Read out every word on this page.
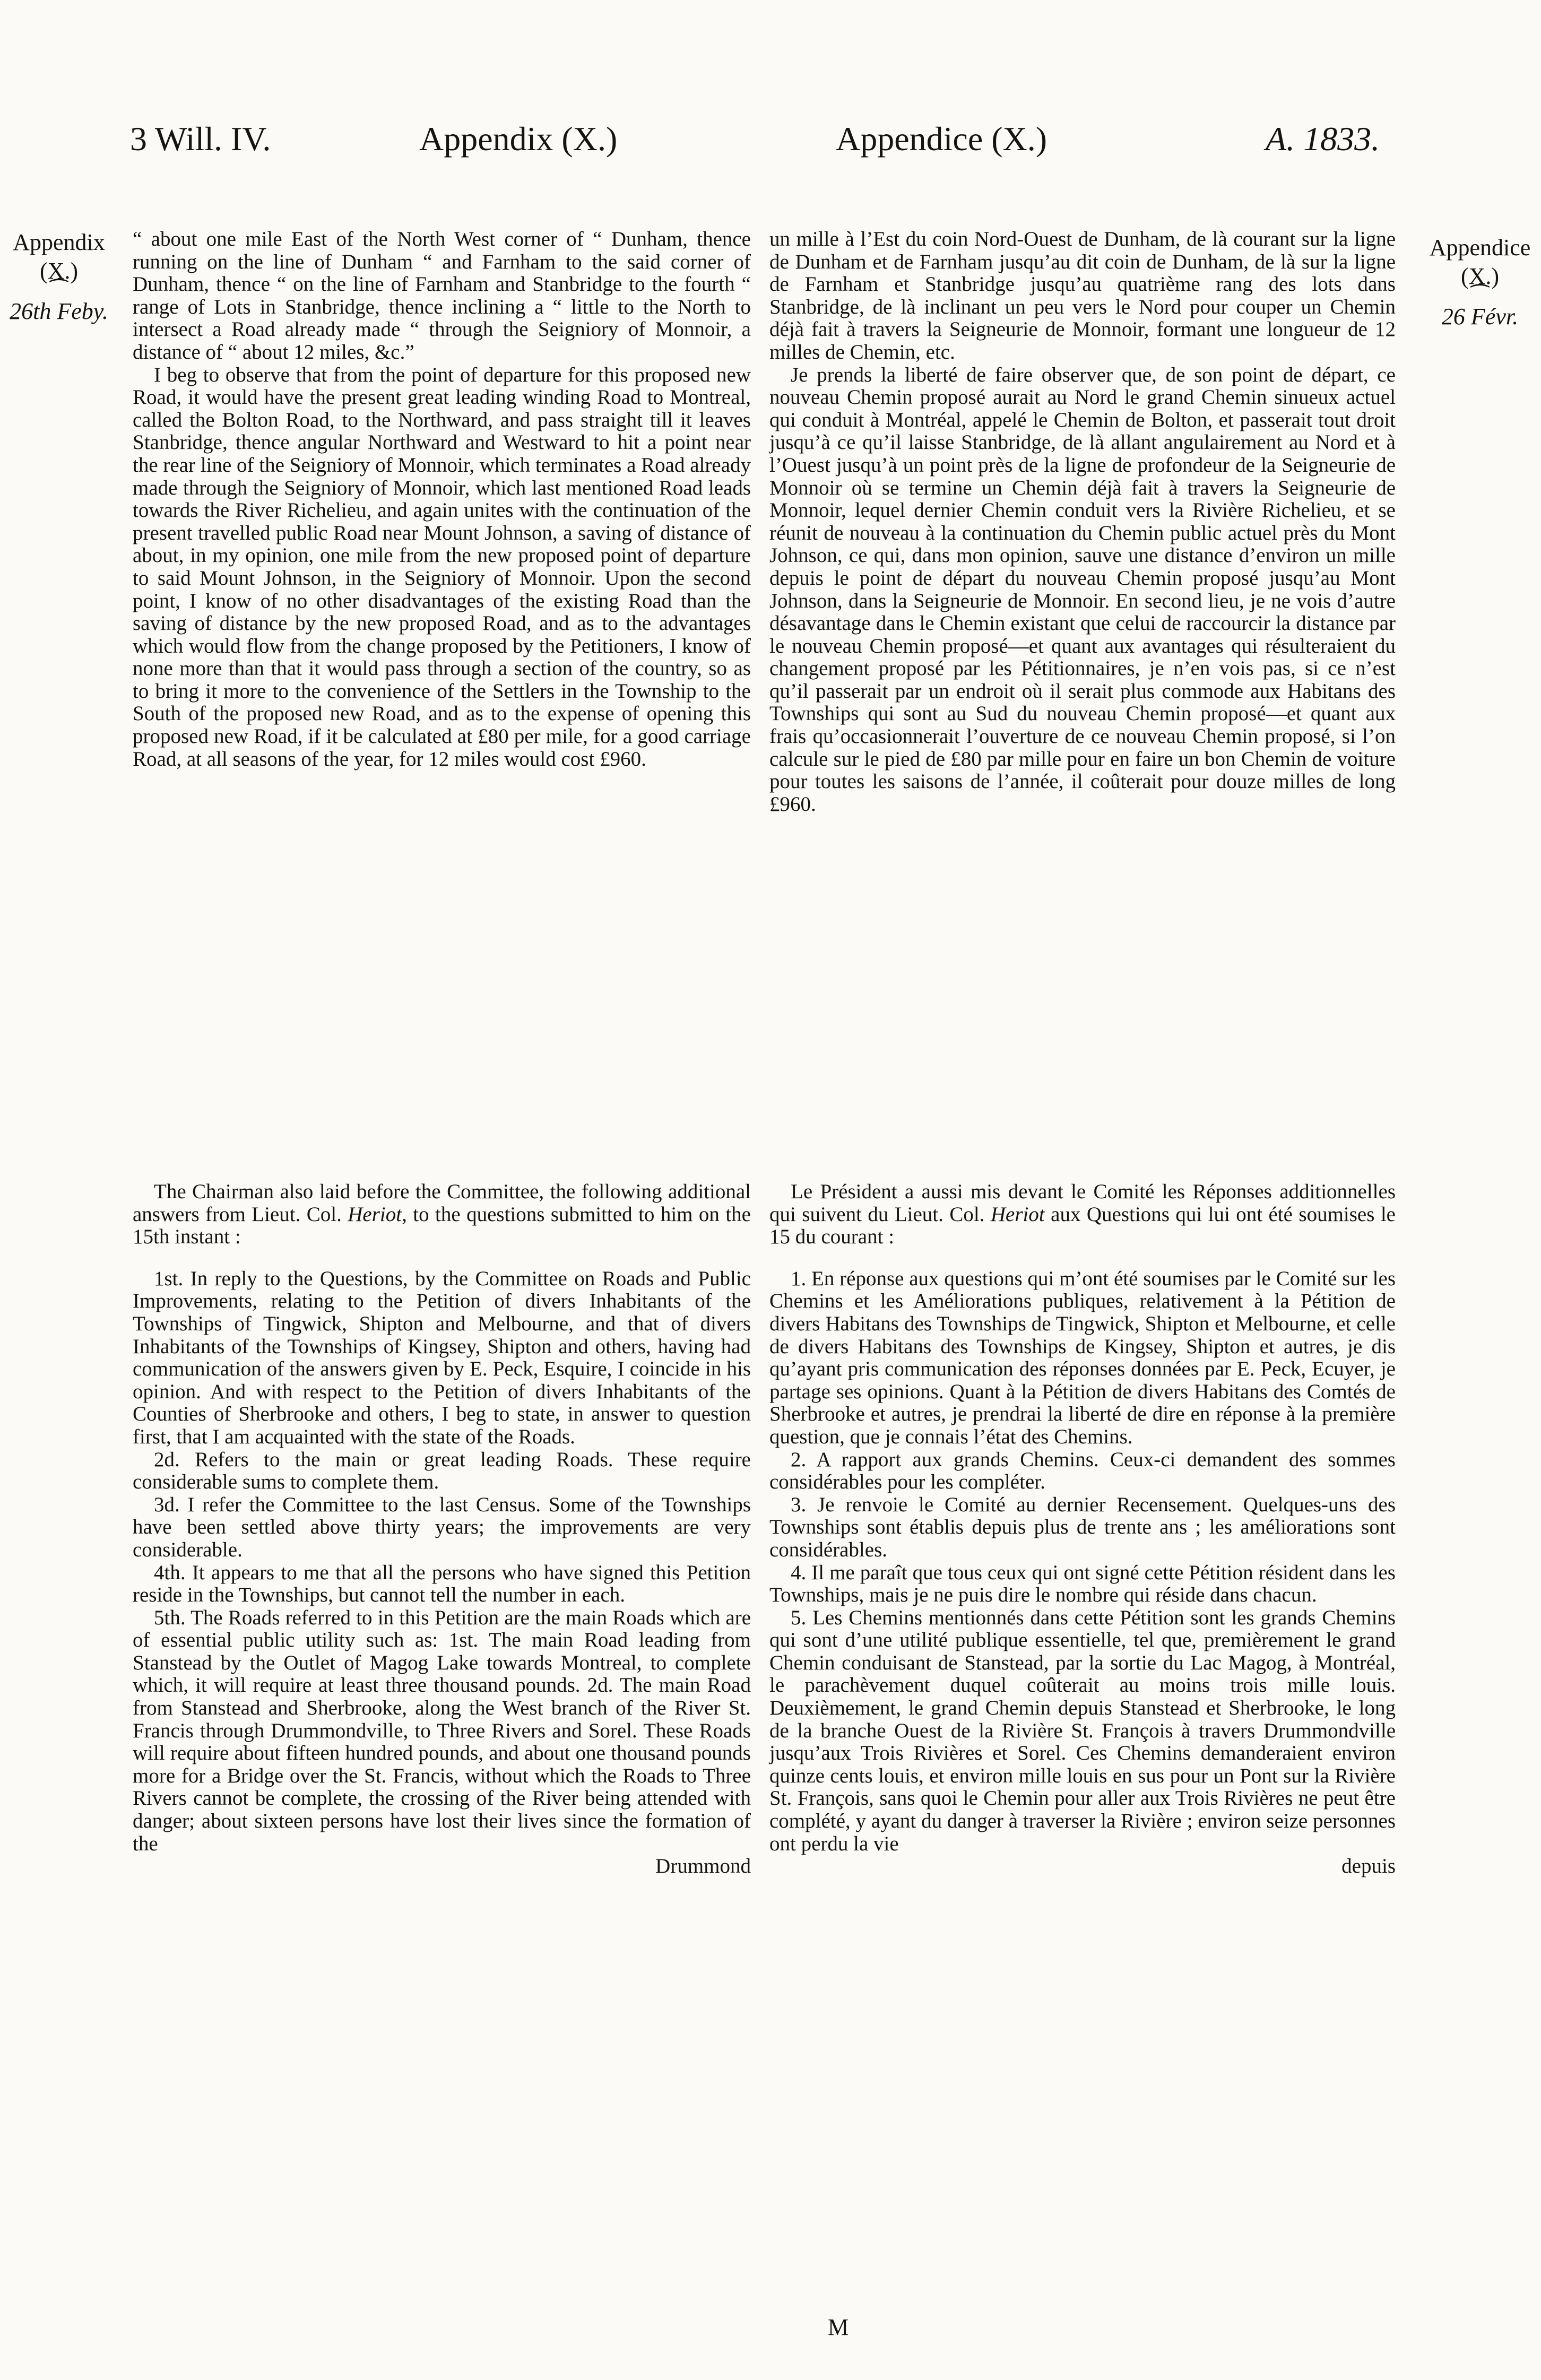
3 Will. IV.	Appendix (X.)	Appendice (X.)	A. 1833.
Appendix
(X.)
⁀
26th Feby.
Appendice
(X.)
⁀
26 Févr.

“ about one mile East of the North West corner of “ Dunham, thence running on the line of Dunham “ and Farnham to the said corner of Dunham, thence “ on the line of Farnham and Stanbridge to the fourth “ range of Lots in Stanbridge, thence inclining a “ little to the North to intersect a Road already made “ through the Seigniory of Monnoir, a distance of “ about 12 miles, &c.”

I beg to observe that from the point of departure for this proposed new Road, it would have the present great leading winding Road to Montreal, called the Bolton Road, to the Northward, and pass straight till it leaves Stanbridge, thence angular Northward and Westward to hit a point near the rear line of the Seigniory of Monnoir, which terminates a Road already made through the Seigniory of Monnoir, which last mentioned Road leads towards the River Richelieu, and again unites with the continuation of the present travelled public Road near Mount Johnson, a saving of distance of about, in my opinion, one mile from the new proposed point of departure to said Mount Johnson, in the Seigniory of Monnoir. Upon the second point, I know of no other disadvantages of the existing Road than the saving of distance by the new proposed Road, and as to the advantages which would flow from the change proposed by the Petitioners, I know of none more than that it would pass through a section of the country, so as to bring it more to the convenience of the Settlers in the Township to the South of the proposed new Road, and as to the expense of opening this proposed new Road, if it be calculated at £80 per mile, for a good carriage Road, at all seasons of the year, for 12 miles would cost £960.

un mille à l’Est du coin Nord-Ouest de Dunham, de là courant sur la ligne de Dunham et de Farnham jusqu’au dit coin de Dunham, de là sur la ligne de Farnham et Stanbridge jusqu’au quatrième rang des lots dans Stanbridge, de là inclinant un peu vers le Nord pour couper un Chemin déjà fait à travers la Seigneurie de Monnoir, formant une longueur de 12 milles de Chemin, etc.

Je prends la liberté de faire observer que, de son point de départ, ce nouveau Chemin proposé aurait au Nord le grand Chemin sinueux actuel qui conduit à Montréal, appelé le Chemin de Bolton, et passerait tout droit jusqu’à ce qu’il laisse Stanbridge, de là allant angulairement au Nord et à l’Ouest jusqu’à un point près de la ligne de profondeur de la Seigneurie de Monnoir où se termine un Chemin déjà fait à travers la Seigneurie de Monnoir, lequel dernier Chemin conduit vers la Rivière Richelieu, et se réunit de nouveau à la continuation du Chemin public actuel près du Mont Johnson, ce qui, dans mon opinion, sauve une distance d’environ un mille depuis le point de départ du nouveau Chemin proposé jusqu’au Mont Johnson, dans la Seigneurie de Monnoir. En second lieu, je ne vois d’autre désavantage dans le Chemin existant que celui de raccourcir la distance par le nouveau Chemin proposé—et quant aux avantages qui résulteraient du changement proposé par les Pétitionnaires, je n’en vois pas, si ce n’est qu’il passerait par un endroit où il serait plus commode aux Habitans des Townships qui sont au Sud du nouveau Chemin proposé—et quant aux frais qu’occasionnerait l’ouverture de ce nouveau Chemin proposé, si l’on calcule sur le pied de £80 par mille pour en faire un bon Chemin de voiture pour toutes les saisons de l’année, il coûterait pour douze milles de long £960.

The Chairman also laid before the Committee, the following additional answers from Lieut. Col. Heriot, to the questions submitted to him on the 15th instant :

1st. In reply to the Questions, by the Committee on Roads and Public Improvements, relating to the Petition of divers Inhabitants of the Townships of Tingwick, Shipton and Melbourne, and that of divers Inhabitants of the Townships of Kingsey, Shipton and others, having had communication of the answers given by E. Peck, Esquire, I coincide in his opinion. And with respect to the Petition of divers Inhabitants of the Counties of Sherbrooke and others, I beg to state, in answer to question first, that I am acquainted with the state of the Roads.

2d. Refers to the main or great leading Roads. These require considerable sums to complete them.

3d. I refer the Committee to the last Census. Some of the Townships have been settled above thirty years; the improvements are very considerable.

4th. It appears to me that all the persons who have signed this Petition reside in the Townships, but cannot tell the number in each.

5th. The Roads referred to in this Petition are the main Roads which are of essential public utility such as: 1st. The main Road leading from Stanstead by the Outlet of Magog Lake towards Montreal, to complete which, it will require at least three thousand pounds. 2d. The main Road from Stanstead and Sherbrooke, along the West branch of the River St. Francis through Drummondville, to Three Rivers and Sorel. These Roads will require about fifteen hundred pounds, and about one thousand pounds more for a Bridge over the St. Francis, without which the Roads to Three Rivers cannot be complete, the crossing of the River being attended with danger; about sixteen persons have lost their lives since the formation of the

Drummond

Le Président a aussi mis devant le Comité les Réponses additionnelles qui suivent du Lieut. Col. Heriot aux Questions qui lui ont été soumises le 15 du courant :

1. En réponse aux questions qui m’ont été soumises par le Comité sur les Chemins et les Améliorations publiques, relativement à la Pétition de divers Habitans des Townships de Tingwick, Shipton et Melbourne, et celle de divers Habitans des Townships de Kingsey, Shipton et autres, je dis qu’ayant pris communication des réponses données par E. Peck, Ecuyer, je partage ses opinions. Quant à la Pétition de divers Habitans des Comtés de Sherbrooke et autres, je prendrai la liberté de dire en réponse à la première question, que je connais l’état des Chemins.

2. A rapport aux grands Chemins. Ceux-ci demandent des sommes considérables pour les compléter.

3. Je renvoie le Comité au dernier Recensement. Quelques-uns des Townships sont établis depuis plus de trente ans ; les améliorations sont considérables.

4. Il me paraît que tous ceux qui ont signé cette Pétition résident dans les Townships, mais je ne puis dire le nombre qui réside dans chacun.

5. Les Chemins mentionnés dans cette Pétition sont les grands Chemins qui sont d’une utilité publique essentielle, tel que, premièrement le grand Chemin conduisant de Stanstead, par la sortie du Lac Magog, à Montréal, le parachèvement duquel coûterait au moins trois mille louis. Deuxièmement, le grand Chemin depuis Stanstead et Sherbrooke, le long de la branche Ouest de la Rivière St. François à travers Drummondville jusqu’aux Trois Rivières et Sorel. Ces Chemins demanderaient environ quinze cents louis, et environ mille louis en sus pour un Pont sur la Rivière St. François, sans quoi le Chemin pour aller aux Trois Rivières ne peut être complété, y ayant du danger à traverser la Rivière ; environ seize personnes ont perdu la vie

depuis

M
